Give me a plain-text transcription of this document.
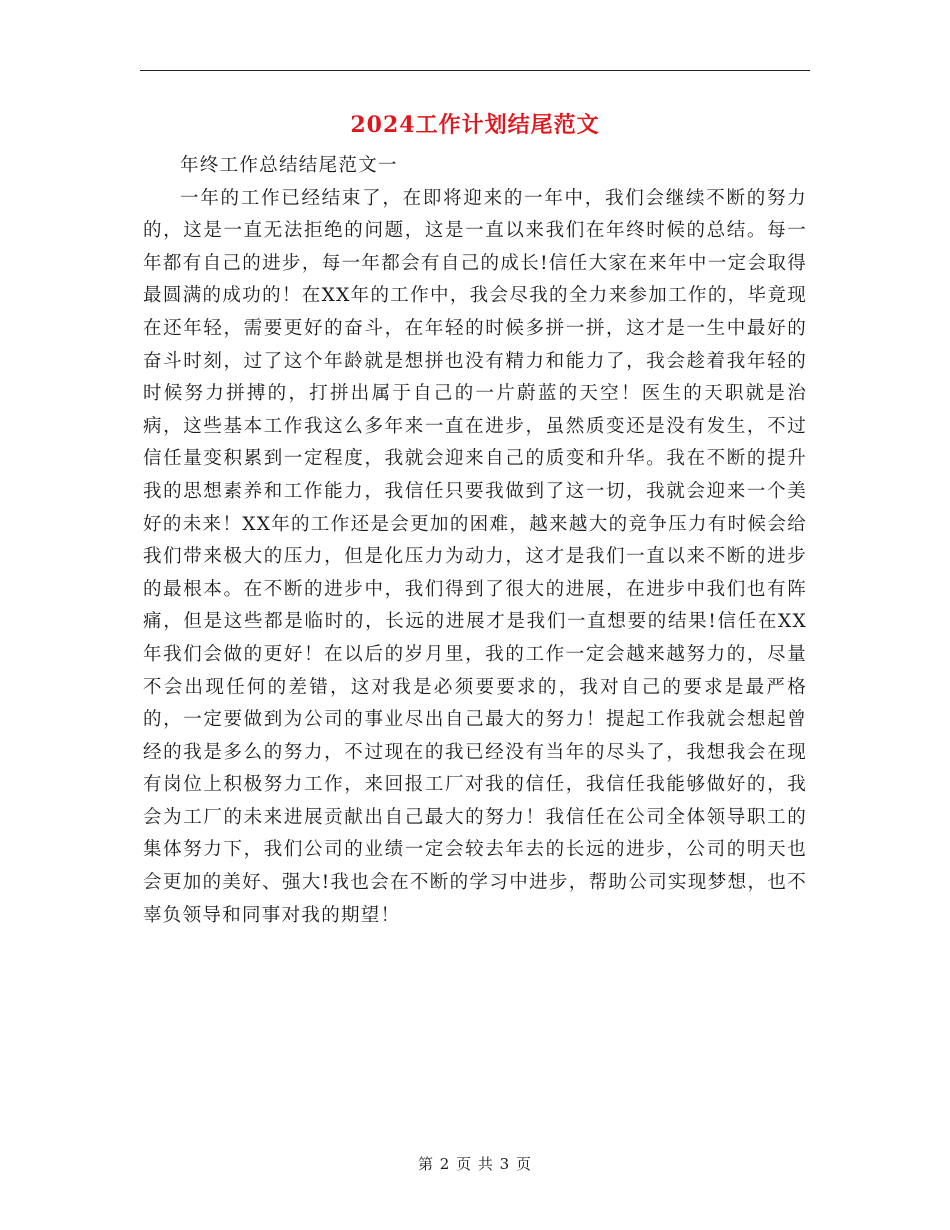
2024工作计划结尾范文

年终工作总结结尾范文一

一年的工作已经结束了，在即将迎来的一年中，我们会继续不断的努力的，这是一直无法拒绝的问题，这是一直以来我们在年终时候的总结。每一年都有自己的进步，每一年都会有自己的成长!信任大家在来年中一定会取得最圆满的成功的！在XX年的工作中，我会尽我的全力来参加工作的，毕竟现在还年轻，需要更好的奋斗，在年轻的时候多拼一拼，这才是一生中最好的奋斗时刻，过了这个年龄就是想拼也没有精力和能力了，我会趁着我年轻的时候努力拼搏的，打拼出属于自己的一片蔚蓝的天空！医生的天职就是治病，这些基本工作我这么多年来一直在进步，虽然质变还是没有发生，不过信任量变积累到一定程度，我就会迎来自己的质变和升华。我在不断的提升我的思想素养和工作能力，我信任只要我做到了这一切，我就会迎来一个美好的未来！XX年的工作还是会更加的困难，越来越大的竞争压力有时候会给我们带来极大的压力，但是化压力为动力，这才是我们一直以来不断的进步的最根本。在不断的进步中，我们得到了很大的进展，在进步中我们也有阵痛，但是这些都是临时的，长远的进展才是我们一直想要的结果!信任在XX年我们会做的更好！在以后的岁月里，我的工作一定会越来越努力的，尽量不会出现任何的差错，这对我是必须要要求的，我对自己的要求是最严格的，一定要做到为公司的事业尽出自己最大的努力！提起工作我就会想起曾经的我是多么的努力，不过现在的我已经没有当年的尽头了，我想我会在现有岗位上积极努力工作，来回报工厂对我的信任，我信任我能够做好的，我会为工厂的未来进展贡献出自己最大的努力！我信任在公司全体领导职工的集体努力下，我们公司的业绩一定会较去年去的长远的进步，公司的明天也会更加的美好、强大!我也会在不断的学习中进步，帮助公司实现梦想，也不辜负领导和同事对我的期望！

第 2 页 共 3 页
